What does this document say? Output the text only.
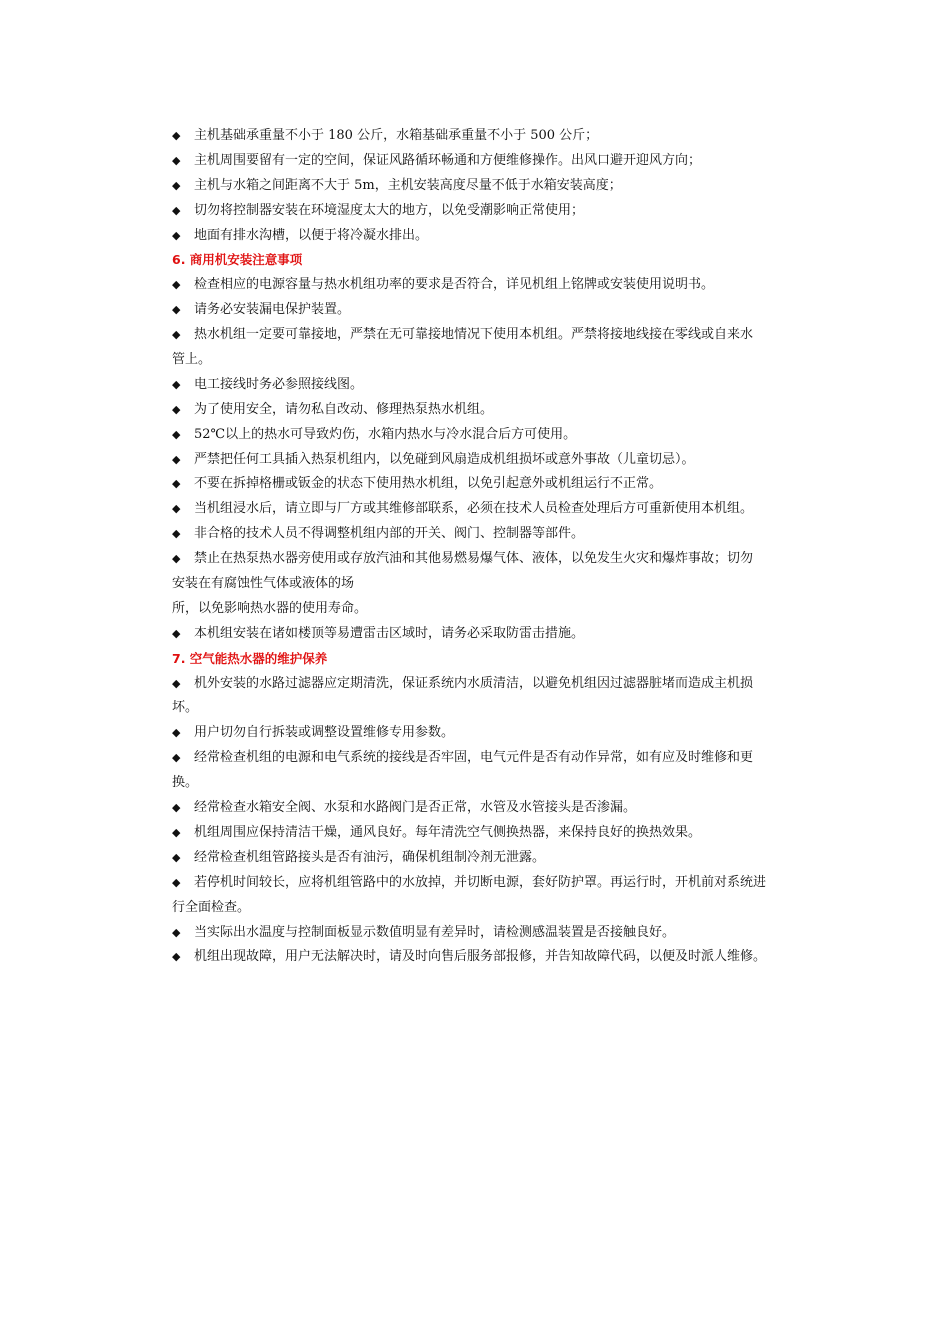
◆ 主机基础承重量不小于 180 公斤，水箱基础承重量不小于 500 公斤；
◆ 主机周围要留有一定的空间，保证风路循环畅通和方便维修操作。出风口避开迎风方向；
◆ 主机与水箱之间距离不大于 5m，主机安装高度尽量不低于水箱安装高度；
◆ 切勿将控制器安装在环境湿度太大的地方，以免受潮影响正常使用；
◆ 地面有排水沟槽，以便于将冷凝水排出。
6. 商用机安装注意事项
◆ 检查相应的电源容量与热水机组功率的要求是否符合，详见机组上铭牌或安装使用说明书。
◆ 请务必安装漏电保护装置。
◆ 热水机组一定要可靠接地，严禁在无可靠接地情况下使用本机组。严禁将接地线接在零线或自来水
管上。
◆ 电工接线时务必参照接线图。
◆ 为了使用安全，请勿私自改动、修理热泵热水机组。
◆ 52℃以上的热水可导致灼伤，水箱内热水与冷水混合后方可使用。
◆ 严禁把任何工具插入热泵机组内，以免碰到风扇造成机组损坏或意外事故（儿童切忌）。
◆ 不要在拆掉格栅或钣金的状态下使用热水机组，以免引起意外或机组运行不正常。
◆ 当机组浸水后，请立即与厂方或其维修部联系，必须在技术人员检查处理后方可重新使用本机组。
◆ 非合格的技术人员不得调整机组内部的开关、阀门、控制器等部件。
◆ 禁止在热泵热水器旁使用或存放汽油和其他易燃易爆气体、液体，以免发生火灾和爆炸事故；切勿
安装在有腐蚀性气体或液体的场
所，以免影响热水器的使用寿命。
◆ 本机组安装在诸如楼顶等易遭雷击区域时，请务必采取防雷击措施。
7. 空气能热水器的维护保养
◆ 机外安装的水路过滤器应定期清洗，保证系统内水质清洁，以避免机组因过滤器脏堵而造成主机损
坏。
◆ 用户切勿自行拆装或调整设置维修专用参数。
◆ 经常检查机组的电源和电气系统的接线是否牢固，电气元件是否有动作异常，如有应及时维修和更
换。
◆ 经常检查水箱安全阀、水泵和水路阀门是否正常，水管及水管接头是否渗漏。
◆ 机组周围应保持清洁干燥，通风良好。每年清洗空气侧换热器，来保持良好的换热效果。
◆ 经常检查机组管路接头是否有油污，确保机组制冷剂无泄露。
◆ 若停机时间较长，应将机组管路中的水放掉，并切断电源，套好防护罩。再运行时，开机前对系统进
行全面检查。
◆ 当实际出水温度与控制面板显示数值明显有差异时，请检测感温装置是否接触良好。
◆ 机组出现故障，用户无法解决时，请及时向售后服务部报修，并告知故障代码，以便及时派人维修。
